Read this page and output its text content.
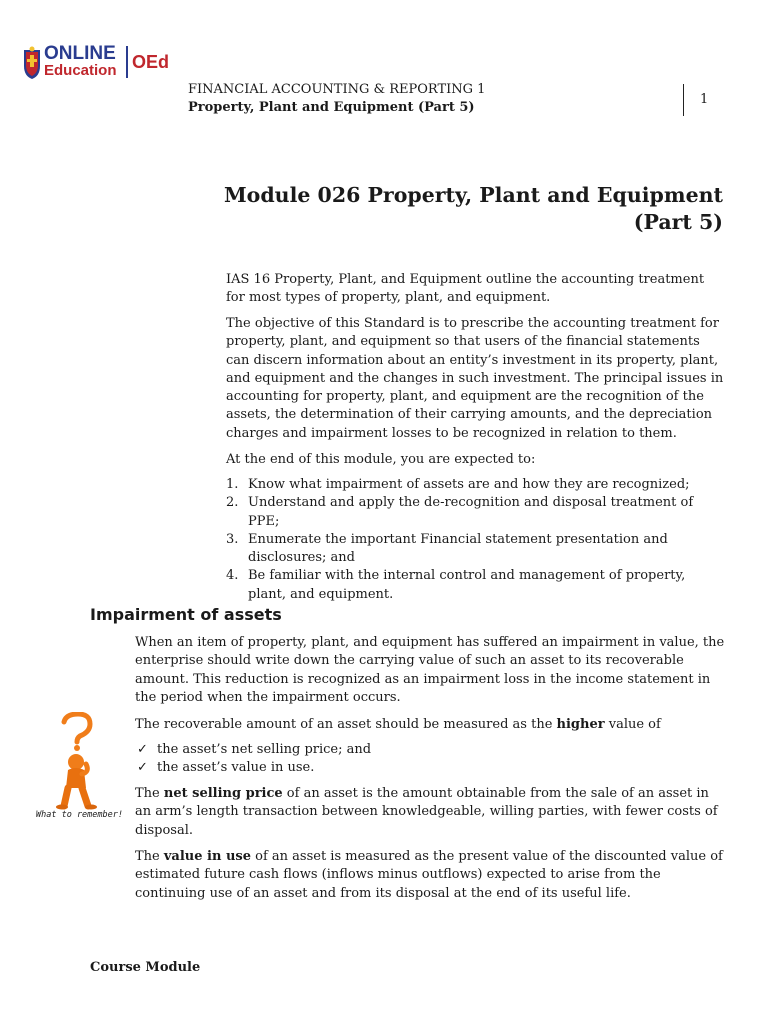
ONLINE
Education OEd
FINANCIAL ACCOUNTING & REPORTING 1
Property, Plant and Equipment (Part 5)
1
Module 026 Property, Plant and Equipment
(Part 5)
IAS 16 Property, Plant, and Equipment outline the accounting treatment for most types of property, plant, and equipment.
The objective of this Standard is to prescribe the accounting treatment for property, plant, and equipment so that users of the financial statements can discern information about an entity’s investment in its property, plant, and equipment and the changes in such investment. The principal issues in accounting for property, plant, and equipment are the recognition of the assets, the determination of their carrying amounts, and the depreciation charges and impairment losses to be recognized in relation to them.
At the end of this module, you are expected to:
1. Know what impairment of assets are and how they are recognized;
2. Understand and apply the de-recognition and disposal treatment of PPE;
3. Enumerate the important Financial statement presentation and disclosures; and
4. Be familiar with the internal control and management of property, plant, and equipment.
Impairment of assets
When an item of property, plant, and equipment has suffered an impairment in value, the enterprise should write down the carrying value of such an asset to its recoverable amount. This reduction is recognized as an impairment loss in the income statement in the period when the impairment occurs.
The recoverable amount of an asset should be measured as the higher value of
✓ the asset’s net selling price; and
✓ the asset’s value in use.
The net selling price of an asset is the amount obtainable from the sale of an asset in an arm’s length transaction between knowledgeable, willing parties, with fewer costs of disposal.
The value in use of an asset is measured as the present value of the discounted value of estimated future cash flows (inflows minus outflows) expected to arise from the continuing use of an asset and from its disposal at the end of its useful life.
What to remember!
Course Module
